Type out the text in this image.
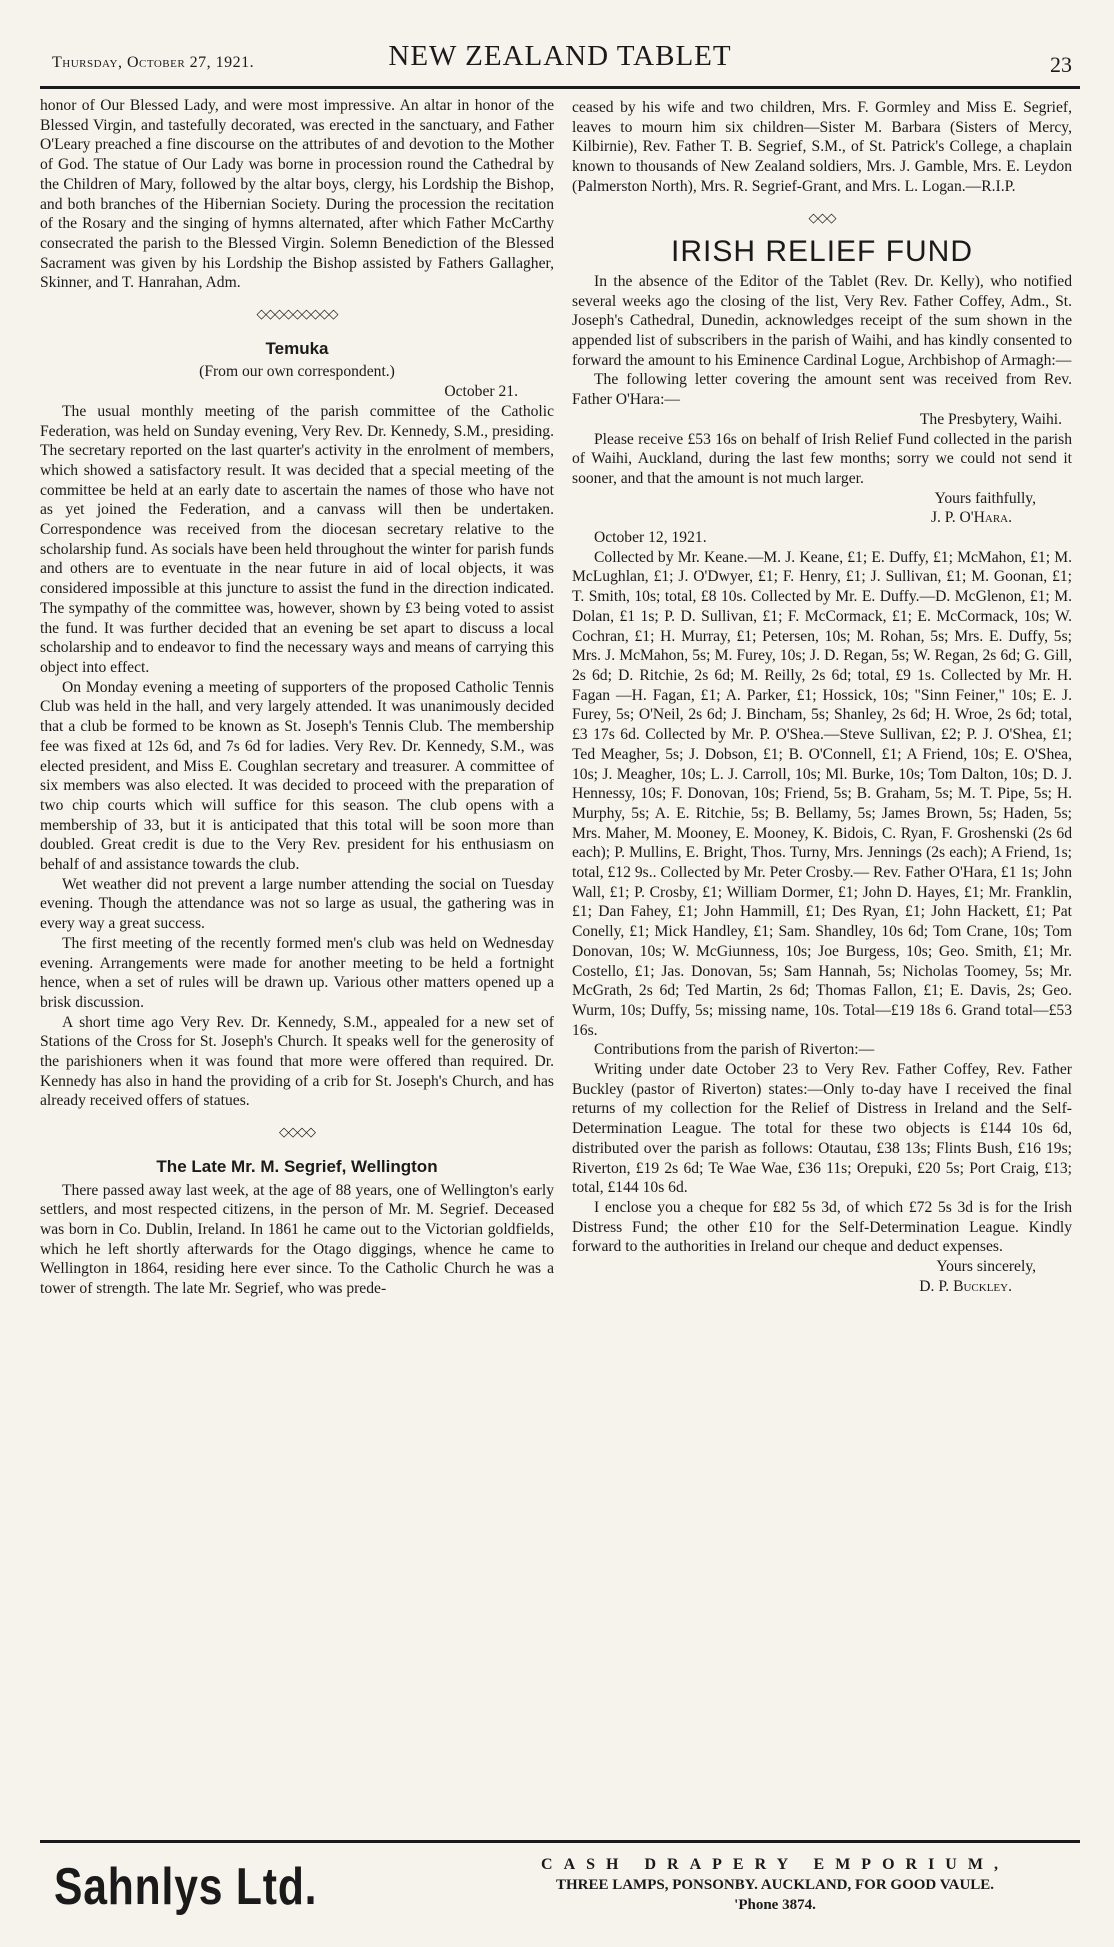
Thursday, October 27, 1921.	NEW ZEALAND TABLET	23

honor of Our Blessed Lady, and were most impressive. An altar in honor of the Blessed Virgin, and tastefully decorated, was erected in the sanctuary, and Father O'Leary preached a fine discourse on the attributes of and devotion to the Mother of God. The statue of Our Lady was borne in procession round the Cathedral by the Children of Mary, followed by the altar boys, clergy, his Lordship the Bishop, and both branches of the Hibernian Society. During the procession the recitation of the Rosary and the singing of hymns alternated, after which Father McCarthy consecrated the parish to the Blessed Virgin. Solemn Benediction of the Blessed Sacrament was given by his Lordship the Bishop assisted by Fathers Gallagher, Skinner, and T. Hanrahan, Adm.

◇◇◇◇◇◇◇◇◇
Temuka
(From our own correspondent.)
October 21.

The usual monthly meeting of the parish committee of the Catholic Federation, was held on Sunday evening, Very Rev. Dr. Kennedy, S.M., presiding. The secretary reported on the last quarter's activity in the enrolment of members, which showed a satisfactory result. It was decided that a special meeting of the committee be held at an early date to ascertain the names of those who have not as yet joined the Federation, and a canvass will then be undertaken. Correspondence was received from the diocesan secretary relative to the scholarship fund. As socials have been held throughout the winter for parish funds and others are to eventuate in the near future in aid of local objects, it was considered impossible at this juncture to assist the fund in the direction indicated. The sympathy of the committee was, however, shown by £3 being voted to assist the fund. It was further decided that an evening be set apart to discuss a local scholarship and to endeavor to find the necessary ways and means of carrying this object into effect.

On Monday evening a meeting of supporters of the proposed Catholic Tennis Club was held in the hall, and very largely attended. It was unanimously decided that a club be formed to be known as St. Joseph's Tennis Club. The membership fee was fixed at 12s 6d, and 7s 6d for ladies. Very Rev. Dr. Kennedy, S.M., was elected president, and Miss E. Coughlan secretary and treasurer. A committee of six members was also elected. It was decided to proceed with the preparation of two chip courts which will suffice for this season. The club opens with a membership of 33, but it is anticipated that this total will be soon more than doubled. Great credit is due to the Very Rev. president for his enthusiasm on behalf of and assistance towards the club.

Wet weather did not prevent a large number attending the social on Tuesday evening. Though the attendance was not so large as usual, the gathering was in every way a great success.

The first meeting of the recently formed men's club was held on Wednesday evening. Arrangements were made for another meeting to be held a fortnight hence, when a set of rules will be drawn up. Various other matters opened up a brisk discussion.

A short time ago Very Rev. Dr. Kennedy, S.M., appealed for a new set of Stations of the Cross for St. Joseph's Church. It speaks well for the generosity of the parishioners when it was found that more were offered than required. Dr. Kennedy has also in hand the providing of a crib for St. Joseph's Church, and has already received offers of statues.

◇◇◇◇
The Late Mr. M. Segrief, Wellington

There passed away last week, at the age of 88 years, one of Wellington's early settlers, and most respected citizens, in the person of Mr. M. Segrief. Deceased was born in Co. Dublin, Ireland. In 1861 he came out to the Victorian goldfields, which he left shortly afterwards for the Otago diggings, whence he came to Wellington in 1864, residing here ever since. To the Catholic Church he was a tower of strength. The late Mr. Segrief, who was prede-

ceased by his wife and two children, Mrs. F. Gormley and Miss E. Segrief, leaves to mourn him six children—Sister M. Barbara (Sisters of Mercy, Kilbirnie), Rev. Father T. B. Segrief, S.M., of St. Patrick's College, a chaplain known to thousands of New Zealand soldiers, Mrs. J. Gamble, Mrs. E. Leydon (Palmerston North), Mrs. R. Segrief-Grant, and Mrs. L. Logan.—R.I.P.

◇◇◇
IRISH RELIEF FUND

In the absence of the Editor of the Tablet (Rev. Dr. Kelly), who notified several weeks ago the closing of the list, Very Rev. Father Coffey, Adm., St. Joseph's Cathedral, Dunedin, acknowledges receipt of the sum shown in the appended list of subscribers in the parish of Waihi, and has kindly consented to forward the amount to his Eminence Cardinal Logue, Archbishop of Armagh:—

The following letter covering the amount sent was received from Rev. Father O'Hara:—

The Presbytery, Waihi.

Please receive £53 16s on behalf of Irish Relief Fund collected in the parish of Waihi, Auckland, during the last few months; sorry we could not send it sooner, and that the amount is not much larger.

Yours faithfully,
J. P. O'Hara.

October 12, 1921.

Collected by Mr. Keane.—M. J. Keane, £1; E. Duffy, £1; McMahon, £1; M. McLughlan, £1; J. O'Dwyer, £1; F. Henry, £1; J. Sullivan, £1; M. Goonan, £1; T. Smith, 10s; total, £8 10s. Collected by Mr. E. Duffy.—D. McGlenon, £1; M. Dolan, £1 1s; P. D. Sullivan, £1; F. McCormack, £1; E. McCormack, 10s; W. Cochran, £1; H. Murray, £1; Petersen, 10s; M. Rohan, 5s; Mrs. E. Duffy, 5s; Mrs. J. McMahon, 5s; M. Furey, 10s; J. D. Regan, 5s; W. Regan, 2s 6d; G. Gill, 2s 6d; D. Ritchie, 2s 6d; M. Reilly, 2s 6d; total, £9 1s. Collected by Mr. H. Fagan —H. Fagan, £1; A. Parker, £1; Hossick, 10s; "Sinn Feiner," 10s; E. J. Furey, 5s; O'Neil, 2s 6d; J. Bincham, 5s; Shanley, 2s 6d; H. Wroe, 2s 6d; total, £3 17s 6d. Collected by Mr. P. O'Shea.—Steve Sullivan, £2; P. J. O'Shea, £1; Ted Meagher, 5s; J. Dobson, £1; B. O'Connell, £1; A Friend, 10s; E. O'Shea, 10s; J. Meagher, 10s; L. J. Carroll, 10s; Ml. Burke, 10s; Tom Dalton, 10s; D. J. Hennessy, 10s; F. Donovan, 10s; Friend, 5s; B. Graham, 5s; M. T. Pipe, 5s; H. Murphy, 5s; A. E. Ritchie, 5s; B. Bellamy, 5s; James Brown, 5s; Haden, 5s; Mrs. Maher, M. Mooney, E. Mooney, K. Bidois, C. Ryan, F. Groshenski (2s 6d each); P. Mullins, E. Bright, Thos. Turny, Mrs. Jennings (2s each); A Friend, 1s; total, £12 9s.. Collected by Mr. Peter Crosby.— Rev. Father O'Hara, £1 1s; John Wall, £1; P. Crosby, £1; William Dormer, £1; John D. Hayes, £1; Mr. Franklin, £1; Dan Fahey, £1; John Hammill, £1; Des Ryan, £1; John Hackett, £1; Pat Conelly, £1; Mick Handley, £1; Sam. Shandley, 10s 6d; Tom Crane, 10s; Tom Donovan, 10s; W. McGiunness, 10s; Joe Burgess, 10s; Geo. Smith, £1; Mr. Costello, £1; Jas. Donovan, 5s; Sam Hannah, 5s; Nicholas Toomey, 5s; Mr. McGrath, 2s 6d; Ted Martin, 2s 6d; Thomas Fallon, £1; E. Davis, 2s; Geo. Wurm, 10s; Duffy, 5s; missing name, 10s. Total—£19 18s 6. Grand total—£53 16s.

Contributions from the parish of Riverton:—

Writing under date October 23 to Very Rev. Father Coffey, Rev. Father Buckley (pastor of Riverton) states:—Only to-day have I received the final returns of my collection for the Relief of Distress in Ireland and the Self-Determination League. The total for these two objects is £144 10s 6d, distributed over the parish as follows: Otautau, £38 13s; Flints Bush, £16 19s; Riverton, £19 2s 6d; Te Wae Wae, £36 11s; Orepuki, £20 5s; Port Craig, £13; total, £144 10s 6d.

I enclose you a cheque for £82 5s 3d, of which £72 5s 3d is for the Irish Distress Fund; the other £10 for the Self-Determination League. Kindly forward to the authorities in Ireland our cheque and deduct expenses.

Yours sincerely,
D. P. Buckley.
Sahnlys Ltd.	CASH DRAPERY EMPORIUM,
THREE LAMPS, PONSONBY. AUCKLAND, FOR GOOD VAULE.
'Phone 3874.
